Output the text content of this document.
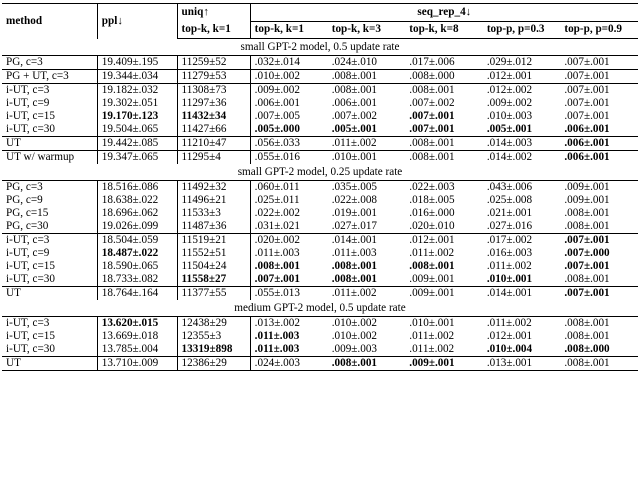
method	ppl↓	uniq↑	seq_rep_4↓				
		top-k, k=1	top-k, k=1	top-k, k=3	top-k, k=8	top-p, p=0.3	top-p, p=0.9
small GPT-2 model, 0.5 update rate							
PG, c=3	19.409±.195	11259±52	.032±.014	.024±.010	.017±.006	.029±.012	.007±.001
PG + UT, c=3	19.344±.034	11279±53	.010±.002	.008±.001	.008±.000	.012±.001	.007±.001
i-UT, c=3	19.182±.032	11308±73	.009±.002	.008±.001	.008±.001	.012±.002	.007±.001
i-UT, c=9	19.302±.051	11297±36	.006±.001	.006±.001	.007±.002	.009±.002	.007±.001
i-UT, c=15	19.170±.123	11432±34	.007±.005	.007±.002	.007±.001	.010±.003	.007±.001
i-UT, c=30	19.504±.065	11427±66	.005±.000	.005±.001	.007±.001	.005±.001	.006±.001
UT	19.442±.085	11210±47	.056±.033	.011±.002	.008±.001	.014±.003	.006±.001
UT w/ warmup	19.347±.065	11295±4	.055±.016	.010±.001	.008±.001	.014±.002	.006±.001
small GPT-2 model, 0.25 update rate							
PG, c=3	18.516±.086	11492±32	.060±.011	.035±.005	.022±.003	.043±.006	.009±.001
PG, c=9	18.638±.022	11496±21	.025±.011	.022±.008	.018±.005	.025±.008	.009±.001
PG, c=15	18.696±.062	11533±3	.022±.002	.019±.001	.016±.000	.021±.001	.008±.001
PG, c=30	19.026±.099	11487±36	.031±.021	.027±.017	.020±.010	.027±.016	.008±.001
i-UT, c=3	18.504±.059	11519±21	.020±.002	.014±.001	.012±.001	.017±.002	.007±.001
i-UT, c=9	18.487±.022	11552±51	.011±.003	.011±.003	.011±.002	.016±.003	.007±.000
i-UT, c=15	18.590±.065	11504±24	.008±.001	.008±.001	.008±.001	.011±.002	.007±.001
i-UT, c=30	18.733±.082	11558±27	.007±.001	.008±.001	.009±.001	.010±.001	.008±.001
UT	18.764±.164	11377±55	.055±.013	.011±.002	.009±.001	.014±.001	.007±.001
medium GPT-2 model, 0.5 update rate							
i-UT, c=3	13.620±.015	12438±29	.013±.002	.010±.002	.010±.001	.011±.002	.008±.001
i-UT, c=15	13.669±.018	12355±3	.011±.003	.010±.002	.011±.002	.012±.001	.008±.001
i-UT, c=30	13.785±.004	13319±898	.011±.003	.009±.003	.011±.002	.010±.004	.008±.000
UT	13.710±.009	12386±29	.024±.003	.008±.001	.009±.001	.013±.001	.008±.001
